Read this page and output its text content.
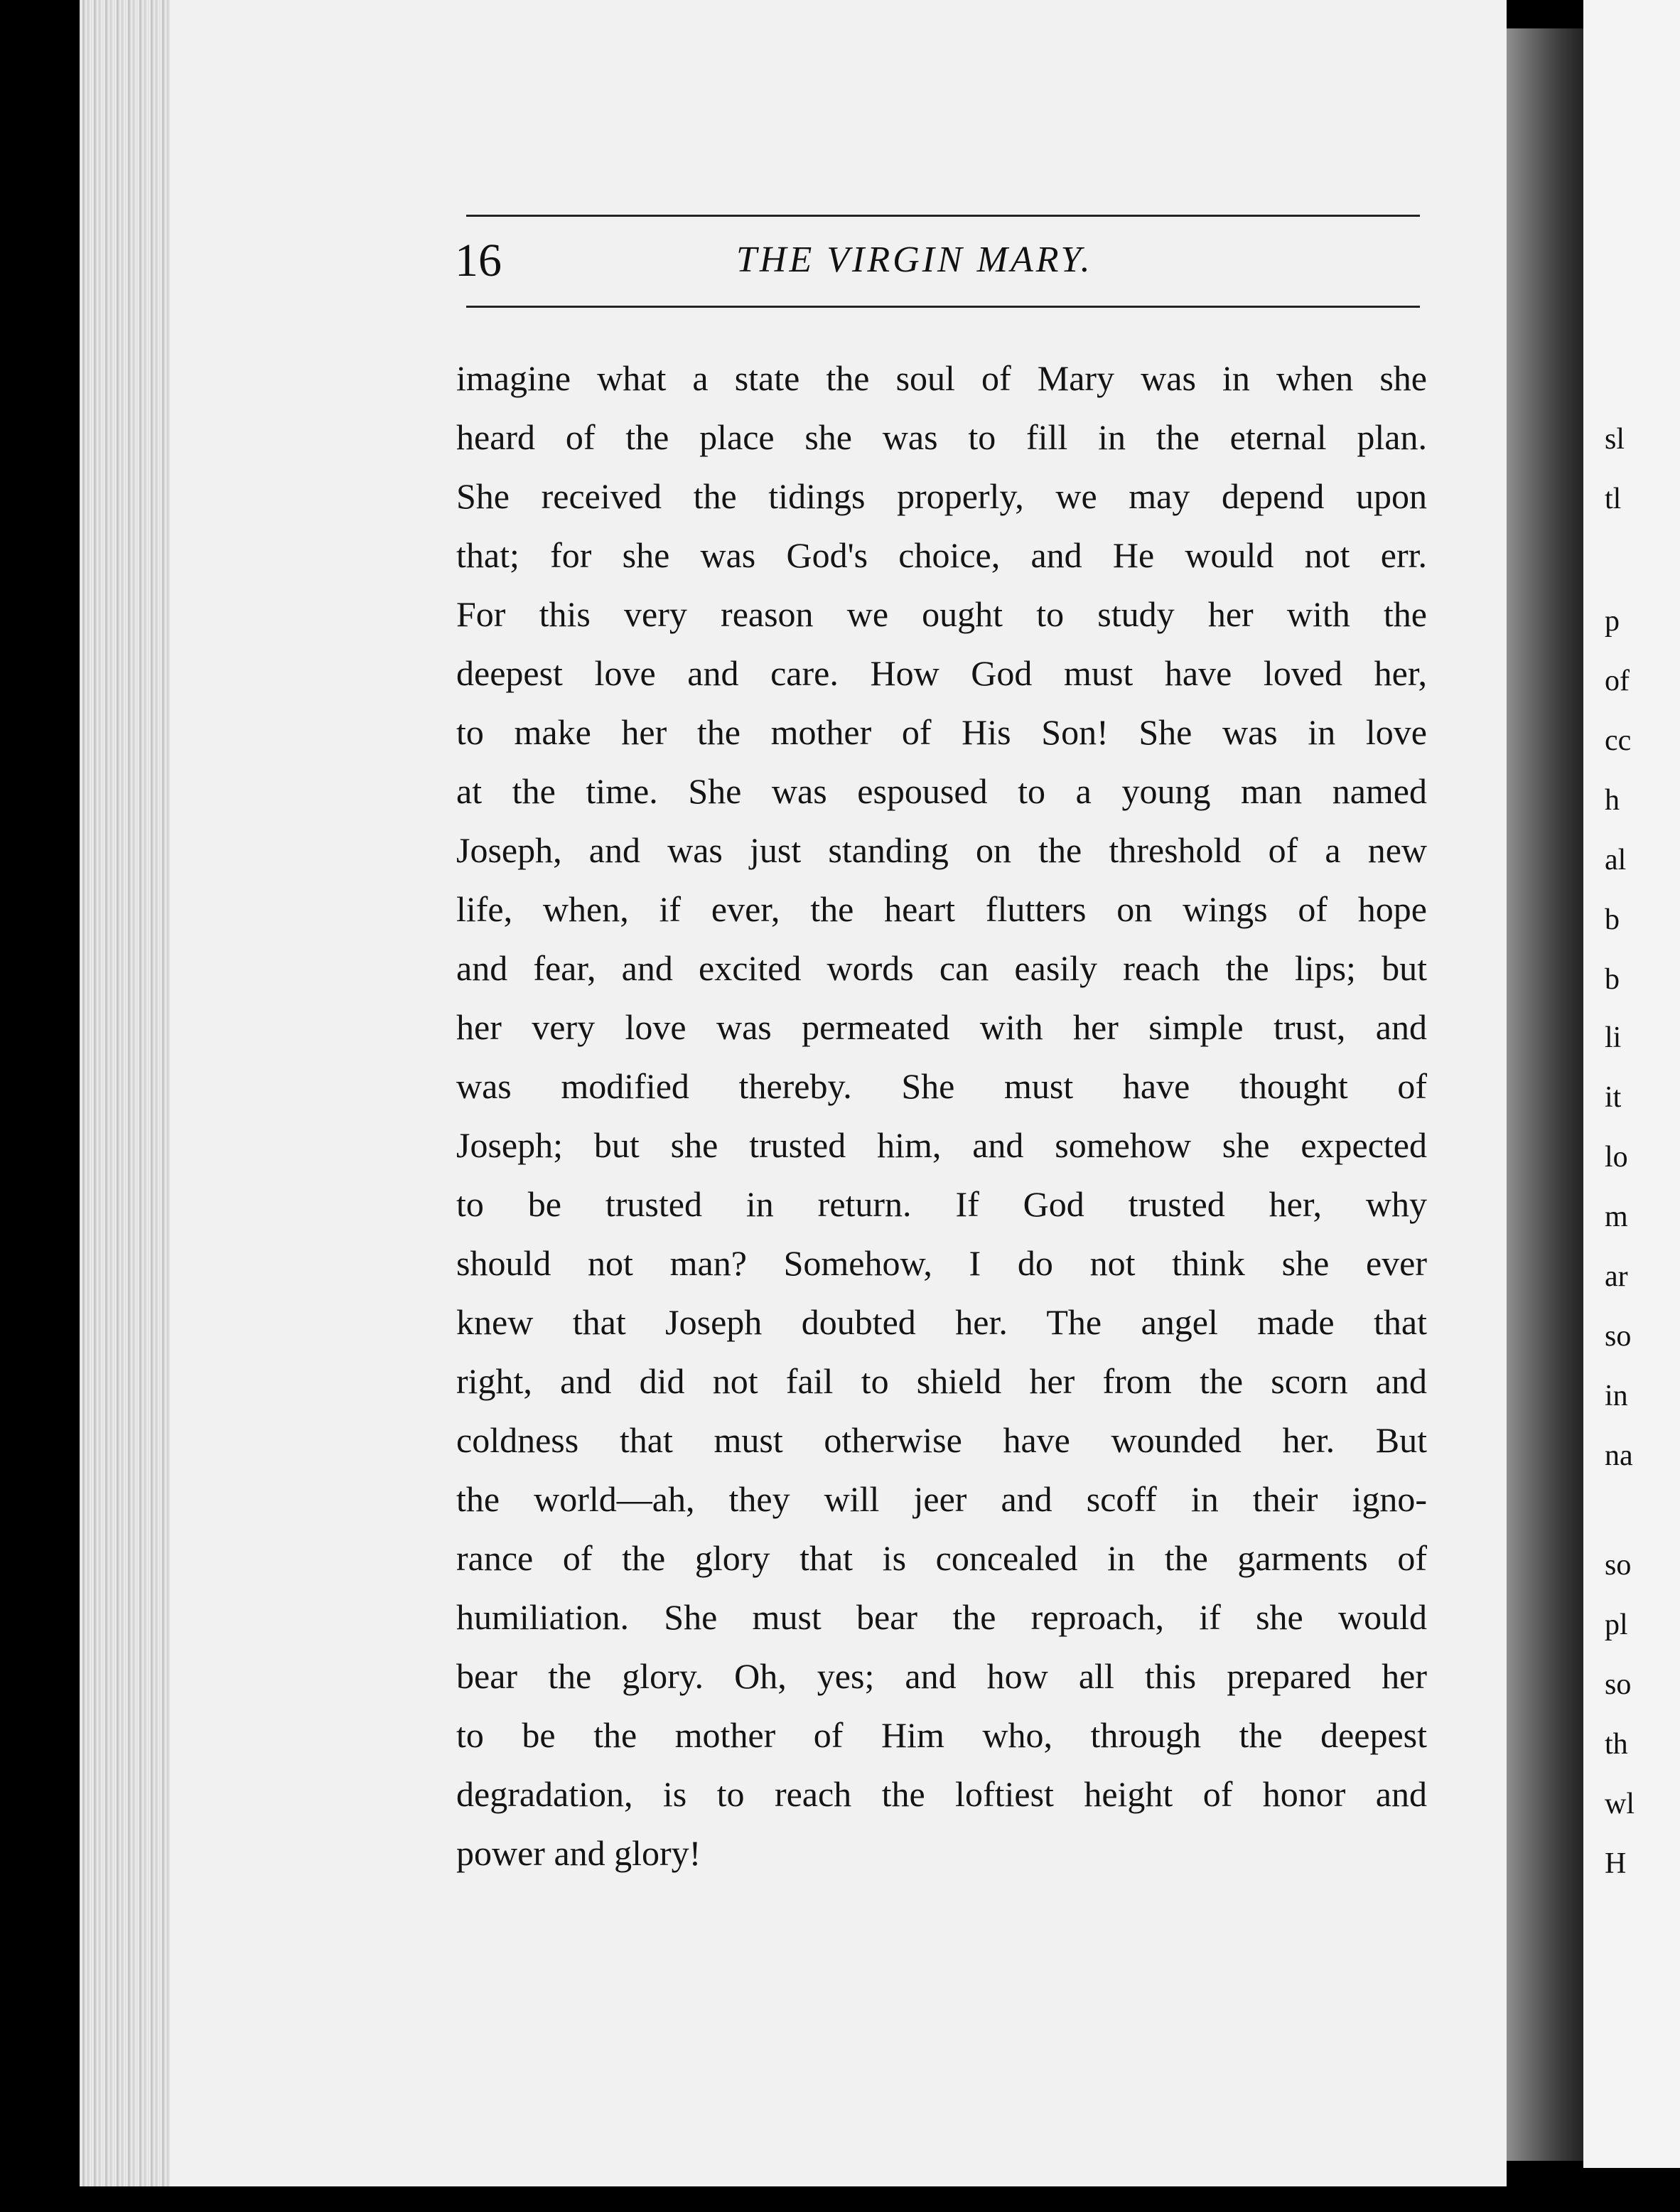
sl
tl
p
of
cc
h
al
b
b
li
it
lo
m
ar
so
in
na
so
pl
so
th
wl
H
16	THE VIRGIN MARY.
imagine what a state the soul of Mary was in when she
heard of the place she was to fill in the eternal plan.
She received the tidings properly, we may depend upon
that; for she was God's choice, and He would not err.
For this very reason we ought to study her with the
deepest love and care. How God must have loved her,
to make her the mother of His Son! She was in love
at the time. She was espoused to a young man named
Joseph, and was just standing on the threshold of a new
life, when, if ever, the heart flutters on wings of hope
and fear, and excited words can easily reach the lips; but
her very love was permeated with her simple trust, and
was modified thereby. She must have thought of
Joseph; but she trusted him, and somehow she expected
to be trusted in return. If God trusted her, why
should not man? Somehow, I do not think she ever
knew that Joseph doubted her. The angel made that
right, and did not fail to shield her from the scorn and
coldness that must otherwise have wounded her. But
the world—ah, they will jeer and scoff in their igno-
rance of the glory that is concealed in the garments of
humiliation. She must bear the reproach, if she would
bear the glory. Oh, yes; and how all this prepared her
to be the mother of Him who, through the deepest
degradation, is to reach the loftiest height of honor and
power and glory!
